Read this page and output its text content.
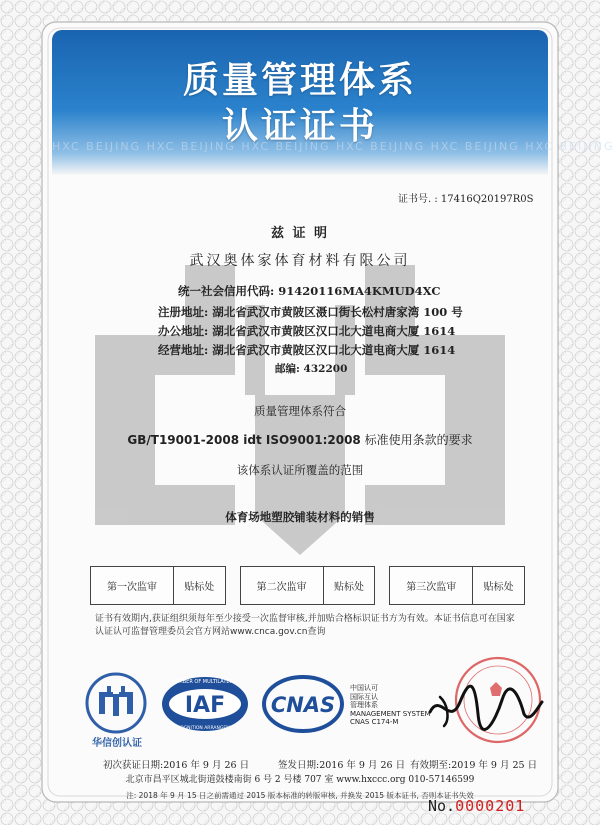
HXC BEIJING HXC BEIJING HXC BEIJING HXC BEIJING HXC BEIJING HXC BEIJING
质量管理体系
认证证书
证书号. : 17416Q20197R0S
兹 证 明
武汉奥体家体育材料有限公司
统一社会信用代码: 91420116MA4KMUD4XC
注册地址: 湖北省武汉市黄陂区滠口街长松村唐家湾 100 号
办公地址: 湖北省武汉市黄陂区汉口北大道电商大厦 1614
经营地址: 湖北省武汉市黄陂区汉口北大道电商大厦 1614
邮编: 432200
质量管理体系符合
GB/T19001-2008 idt ISO9001:2008 标准使用条款的要求
该体系认证所覆盖的范围
体育场地塑胶铺装材料的销售
第一次监审	贴标处		第二次监审	贴标处		第三次监审	贴标处
证书有效期内,获证组织须每年至少接受一次监督审核,并加贴合格标识证书方为有效。本证书信息可在国家认证认可监督管理委员会官方网站www.cnca.gov.cn查询
华信创认证
MEMBER OF MULTILATERAL
IAF
RECOGNITION ARRANGEMENT
CNAS
中国认可
国际互认
管理体系
MANAGEMENT SYSTEM
CNAS C174-M
初次获证日期:2016 年 9 月 26 日	签发日期:2016 年 9 月 26 日 有效期至:2019 年 9 月 25 日
北京市昌平区城北街道鼓楼南街 6 号 2 号楼 707 室 www.hxccc.org 010-57146599
注: 2018 年 9 月 15 日之前需通过 2015 版本标准的转版审核, 并换发 2015 版本证书, 否则本证书失效
No.0000201
